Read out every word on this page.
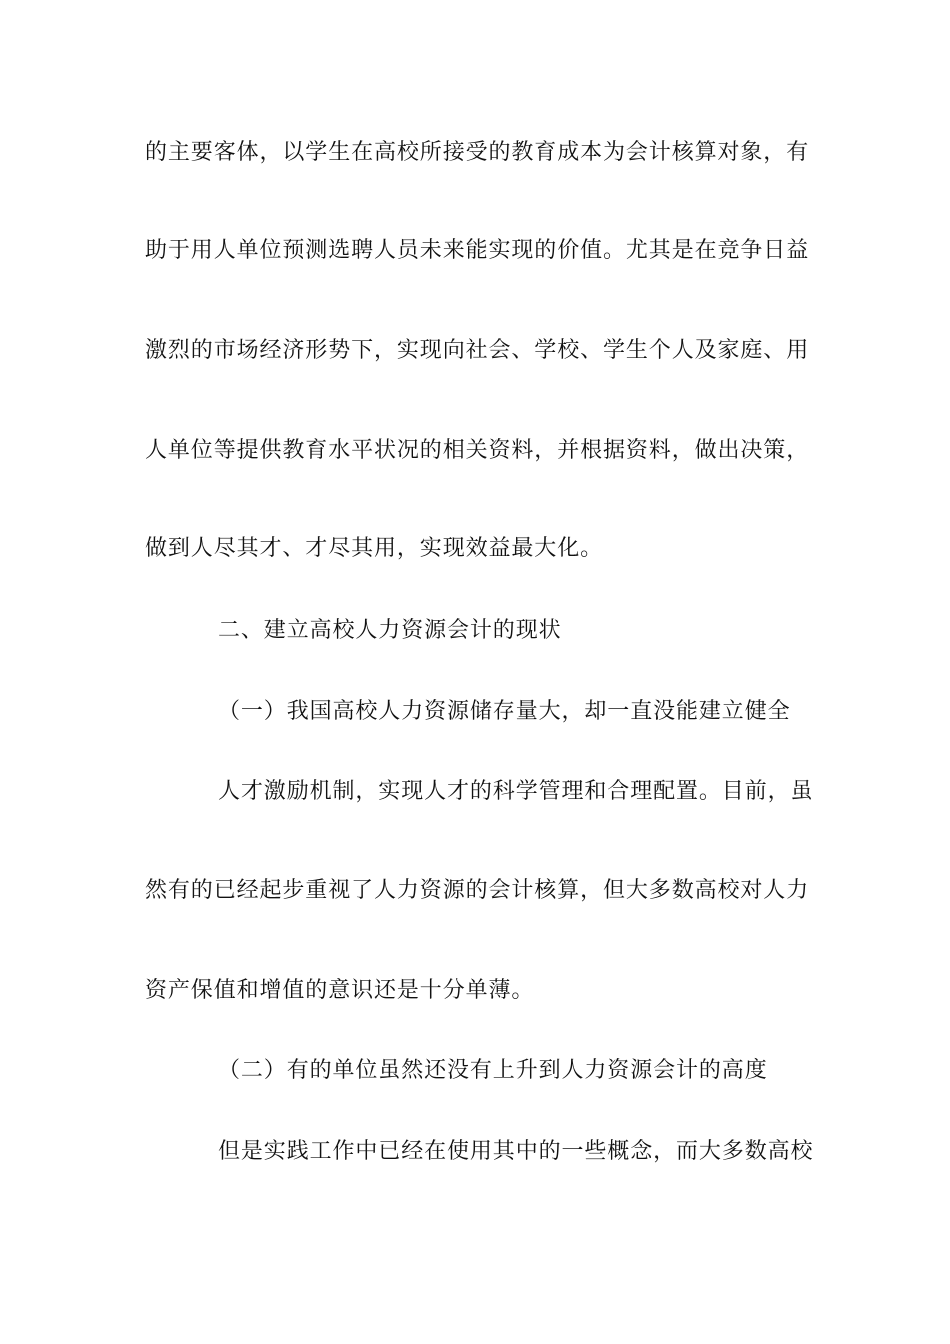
的主要客体，以学生在高校所接受的教育成本为会计核算对象，有
助于用人单位预测选聘人员未来能实现的价值。尤其是在竞争日益
激烈的市场经济形势下，实现向社会、学校、学生个人及家庭、用
人单位等提供教育水平状况的相关资料，并根据资料，做出决策，
做到人尽其才、才尽其用，实现效益最大化。
二、建立高校人力资源会计的现状
（一）我国高校人力资源储存量大，却一直没能建立健全
人才激励机制，实现人才的科学管理和合理配置。目前，虽
然有的已经起步重视了人力资源的会计核算，但大多数高校对人力
资产保值和增值的意识还是十分单薄。
（二）有的单位虽然还没有上升到人力资源会计的高度
但是实践工作中已经在使用其中的一些概念，而大多数高校
